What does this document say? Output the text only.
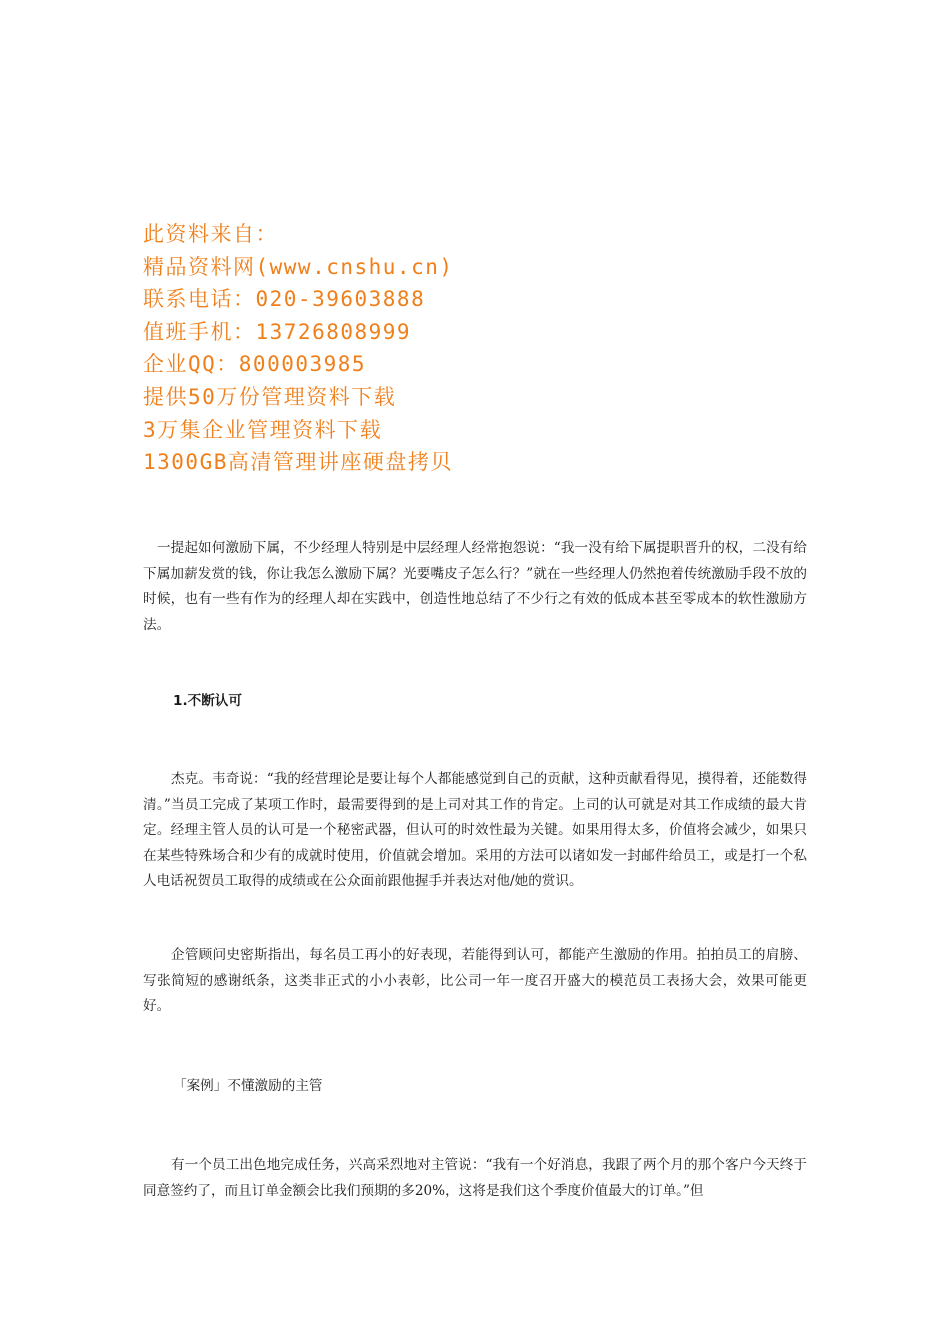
此资料来自：
精品资料网(www.cnshu.cn)
联系电话：020-39603888
值班手机：13726808999
企业QQ：800003985
提供50万份管理资料下载
3万集企业管理资料下载
1300GB高清管理讲座硬盘拷贝

一提起如何激励下属，不少经理人特别是中层经理人经常抱怨说：“我一没有给下属提职晋升的权，二没有给下属加薪发赏的钱，你让我怎么激励下属？光要嘴皮子怎么行？”就在一些经理人仍然抱着传统激励手段不放的时候，也有一些有作为的经理人却在实践中，创造性地总结了不少行之有效的低成本甚至零成本的软性激励方法。

1.不断认可

杰克。韦奇说：“我的经营理论是要让每个人都能感觉到自己的贡献，这种贡献看得见，摸得着，还能数得清。”当员工完成了某项工作时，最需要得到的是上司对其工作的肯定。上司的认可就是对其工作成绩的最大肯定。经理主管人员的认可是一个秘密武器，但认可的时效性最为关键。如果用得太多，价值将会减少，如果只在某些特殊场合和少有的成就时使用，价值就会增加。采用的方法可以诸如发一封邮件给员工，或是打一个私人电话祝贺员工取得的成绩或在公众面前跟他握手并表达对他/她的赏识。

企管顾问史密斯指出，每名员工再小的好表现，若能得到认可，都能产生激励的作用。拍拍员工的肩膀、写张简短的感谢纸条，这类非正式的小小表彰，比公司一年一度召开盛大的模范员工表扬大会，效果可能更好。

「案例」不懂激励的主管

有一个员工出色地完成任务，兴高采烈地对主管说：“我有一个好消息，我跟了两个月的那个客户今天终于同意签约了，而且订单金额会比我们预期的多20%，这将是我们这个季度价值最大的订单。”但
